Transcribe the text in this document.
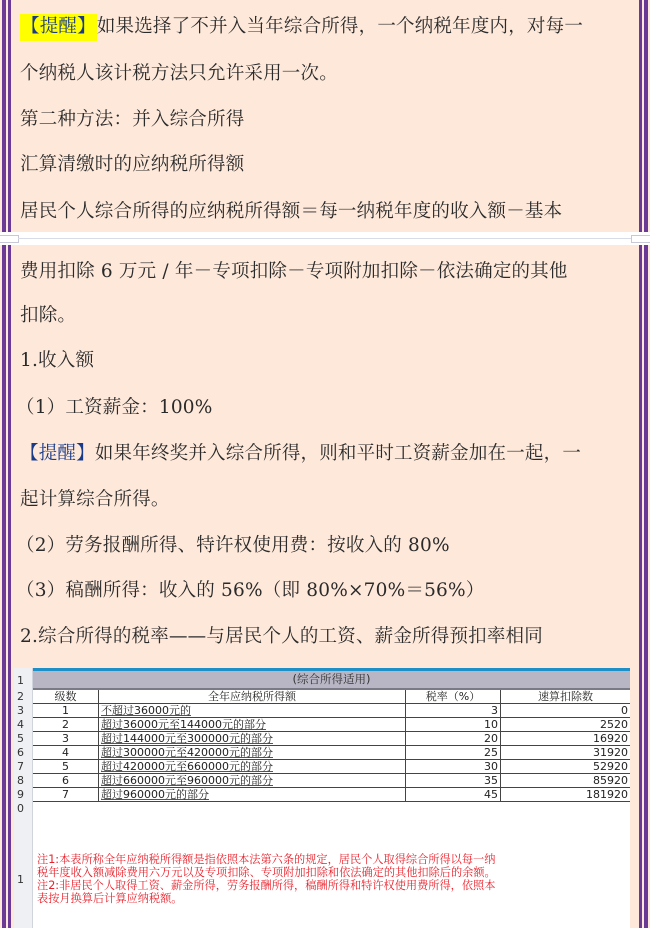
【提醒】如果选择了不并入当年综合所得，一个纳税年度内，对每一
个纳税人该计税方法只允许采用一次。
第二种方法：并入综合所得
汇算清缴时的应纳税所得额
居民个人综合所得的应纳税所得额＝每一纳税年度的收入额－基本
费用扣除 6 万元 / 年－专项扣除－专项附加扣除－依法确定的其他
扣除。
1.收入额
（1）工资薪金：100%
【提醒】如果年终奖并入综合所得，则和平时工资薪金加在一起，一
起计算综合所得。
（2）劳务报酬所得、特许权使用费：按收入的 80%
（3）稿酬所得：收入的 56%（即 80%×70%＝56%）
2.综合所得的税率——与居民个人的工资、薪金所得预扣率相同
1	(综合所得适用)
2	级数	全年应纳税所得额	税率（%）	速算扣除数
3	1	不超过36000元的	3	0
4	2	超过36000元至144000元的部分	10	2520
5	3	超过144000元至300000元的部分	20	16920
6	4	超过300000元至420000元的部分	25	31920
7	5	超过420000元至660000元的部分	30	52920
8	6	超过660000元至960000元的部分	35	85920
9	7	超过960000元的部分	45	181920
0
1
注1:本表所称全年应纳税所得额是指依照本法第六条的规定，居民个人取得综合所得以每一纳
税年度收入额减除费用六万元以及专项扣除、专项附加扣除和依法确定的其他扣除后的余额。
注2:非居民个人取得工资、薪金所得，劳务报酬所得，稿酬所得和特许权使用费所得，依照本
表按月换算后计算应纳税额。
